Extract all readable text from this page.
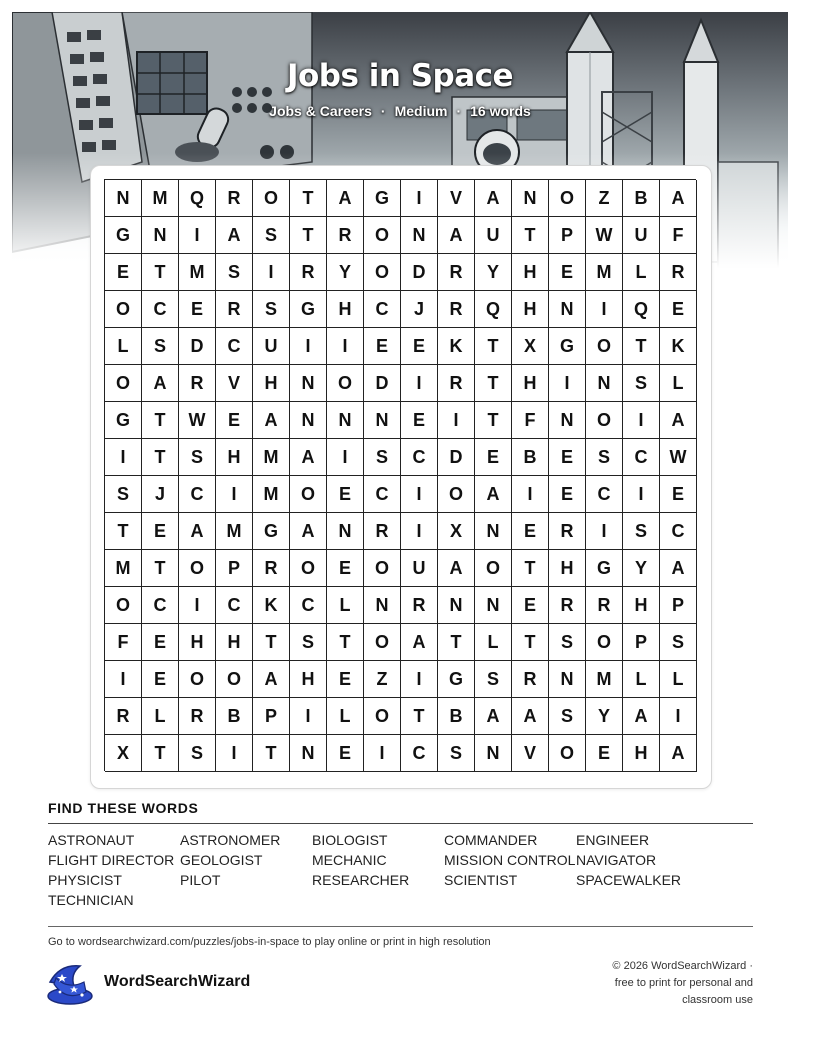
Jobs in Space
Jobs & Careers · Medium · 16 words
N	M	Q	R	O	T	A	G	I	V	A	N	O	Z	B	A
G	N	I	A	S	T	R	O	N	A	U	T	P	W	U	F
E	T	M	S	I	R	Y	O	D	R	Y	H	E	M	L	R
O	C	E	R	S	G	H	C	J	R	Q	H	N	I	Q	E
L	S	D	C	U	I	I	E	E	K	T	X	G	O	T	K
O	A	R	V	H	N	O	D	I	R	T	H	I	N	S	L
G	T	W	E	A	N	N	N	E	I	T	F	N	O	I	A
I	T	S	H	M	A	I	S	C	D	E	B	E	S	C	W
S	J	C	I	M	O	E	C	I	O	A	I	E	C	I	E
T	E	A	M	G	A	N	R	I	X	N	E	R	I	S	C
M	T	O	P	R	O	E	O	U	A	O	T	H	G	Y	A
O	C	I	C	K	C	L	N	R	N	N	E	R	R	H	P
F	E	H	H	T	S	T	O	A	T	L	T	S	O	P	S
I	E	O	O	A	H	E	Z	I	G	S	R	N	M	L	L
R	L	R	B	P	I	L	O	T	B	A	A	S	Y	A	I
X	T	S	I	T	N	E	I	C	S	N	V	O	E	H	A
FIND THESE WORDS
ASTRONAUT	ASTRONOMER BIOLOGIST	COMMANDER	ENGINEER
FLIGHT DIRECTOR GEOLOGIST	MECHANIC	MISSION CONTROL NAVIGATOR
PHYSICIST	PILOT	RESEARCHER SCIENTIST	SPACEWALKER
TECHNICIAN
Go to wordsearchwizard.com/puzzles/jobs-in-space to play online or print in high resolution
WordSearchWizard
© 2026 WordSearchWizard ·
free to print for personal and
classroom use
